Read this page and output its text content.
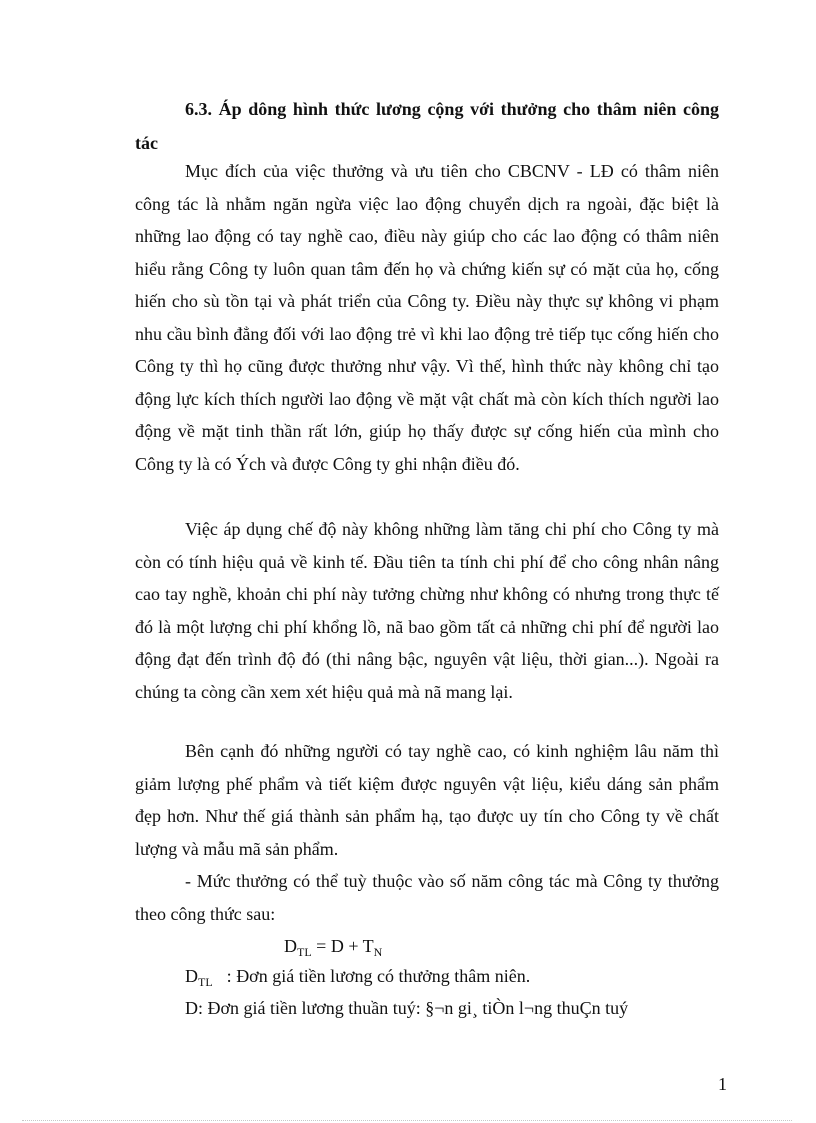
6.3. Áp dông hình thức lương cộng với thưởng cho thâm niên công tác

Mục đích của việc thưởng và ưu tiên cho CBCNV - LĐ có thâm niên công tác là nhằm ngăn ngừa việc lao động chuyển dịch ra ngoài, đặc biệt là những lao động có tay nghề cao, điều này giúp cho các lao động có thâm niên hiểu rằng Công ty luôn quan tâm đến họ và chứng kiến sự có mặt của họ, cống hiến cho sù tồn tại và phát triển của Công ty. Điều này thực sự không vi phạm nhu cầu bình đẳng đối với lao động trẻ vì khi lao động trẻ tiếp tục cống hiến cho Công ty thì họ cũng được thưởng như vậy. Vì thế, hình thức này không chỉ tạo động lực kích thích người lao động về mặt vật chất mà còn kích thích người lao động về mặt tinh thần rất lớn, giúp họ thấy được sự cống hiến của mình cho Công ty là có Ých và được Công ty ghi nhận điều đó.

Việc áp dụng chế độ này không những làm tăng chi phí cho Công ty mà còn có tính hiệu quả về kinh tế. Đầu tiên ta tính chi phí để cho công nhân nâng cao tay nghề, khoản chi phí này tưởng chừng như không có nhưng trong thực tế đó là một lượng chi phí khổng lồ, nã bao gồm tất cả những chi phí để người lao động đạt đến trình độ đó (thi nâng bậc, nguyên vật liệu, thời gian...). Ngoài ra chúng ta còng cần xem xét hiệu quả mà nã mang lại.

Bên cạnh đó những người có tay nghề cao, có kinh nghiệm lâu năm thì giảm lượng phế phẩm và tiết kiệm được nguyên vật liệu, kiểu dáng sản phẩm đẹp hơn. Như thế giá thành sản phẩm hạ, tạo được uy tín cho Công ty về chất lượng và mẫu mã sản phẩm.

- Mức thưởng có thể tuỳ thuộc vào số năm công tác mà Công ty thưởng theo công thức sau:

$D_{TL} = D + T_N$
$D_{TL}$ : Đơn giá tiền lương có thưởng thâm niên.
D: Đơn giá tiền lương thuần tuý: §¬n gi¸ tiÒn l¬ng thuÇn tuý
1
